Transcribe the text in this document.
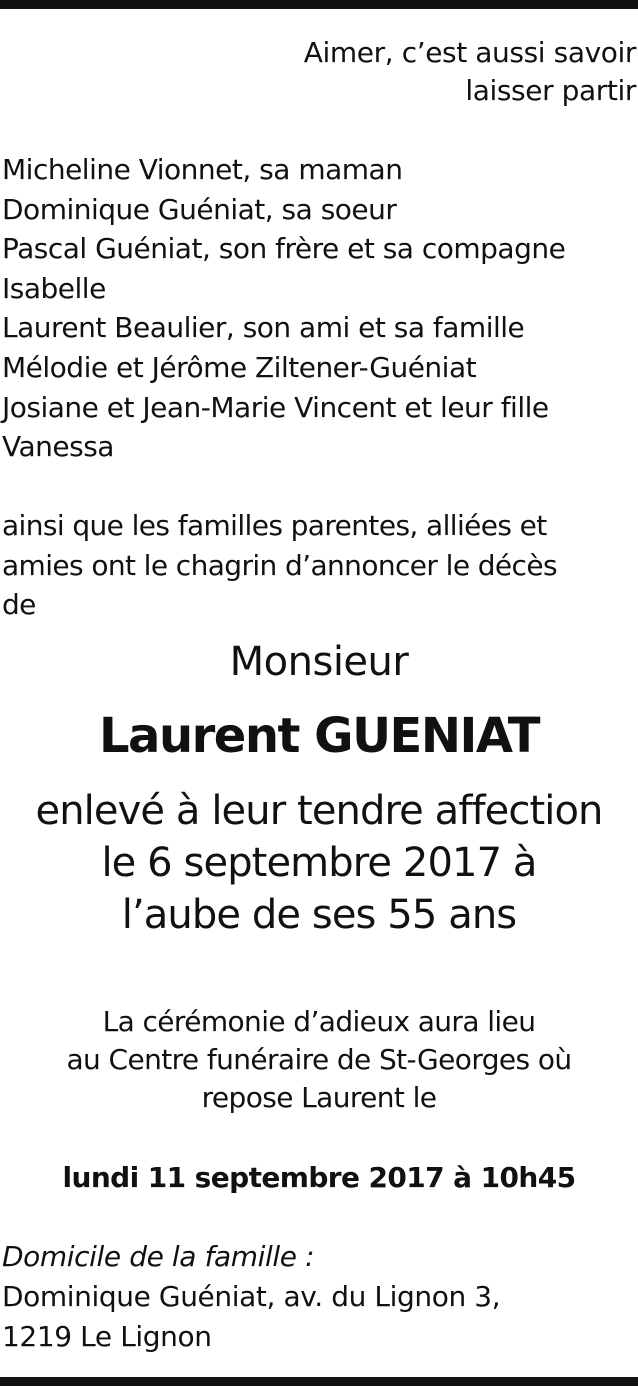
Aimer, c’est aussi savoir
laisser partir
Micheline Vionnet, sa maman
Dominique Guéniat, sa soeur
Pascal Guéniat, son frère et sa compagne
Isabelle
Laurent Beaulier, son ami et sa famille
Mélodie et Jérôme Ziltener-Guéniat
Josiane et Jean-Marie Vincent et leur fille
Vanessa
ainsi que les familles parentes, alliées et
amies ont le chagrin d’annoncer le décès
de
Monsieur
Laurent GUENIAT
enlevé à leur tendre affection
le 6 septembre 2017 à
l’aube de ses 55 ans
La cérémonie d’adieux aura lieu
au Centre funéraire de St-Georges où
repose Laurent le
lundi 11 septembre 2017 à 10h45
Domicile de la famille :
Dominique Guéniat, av. du Lignon 3,
1219 Le Lignon
